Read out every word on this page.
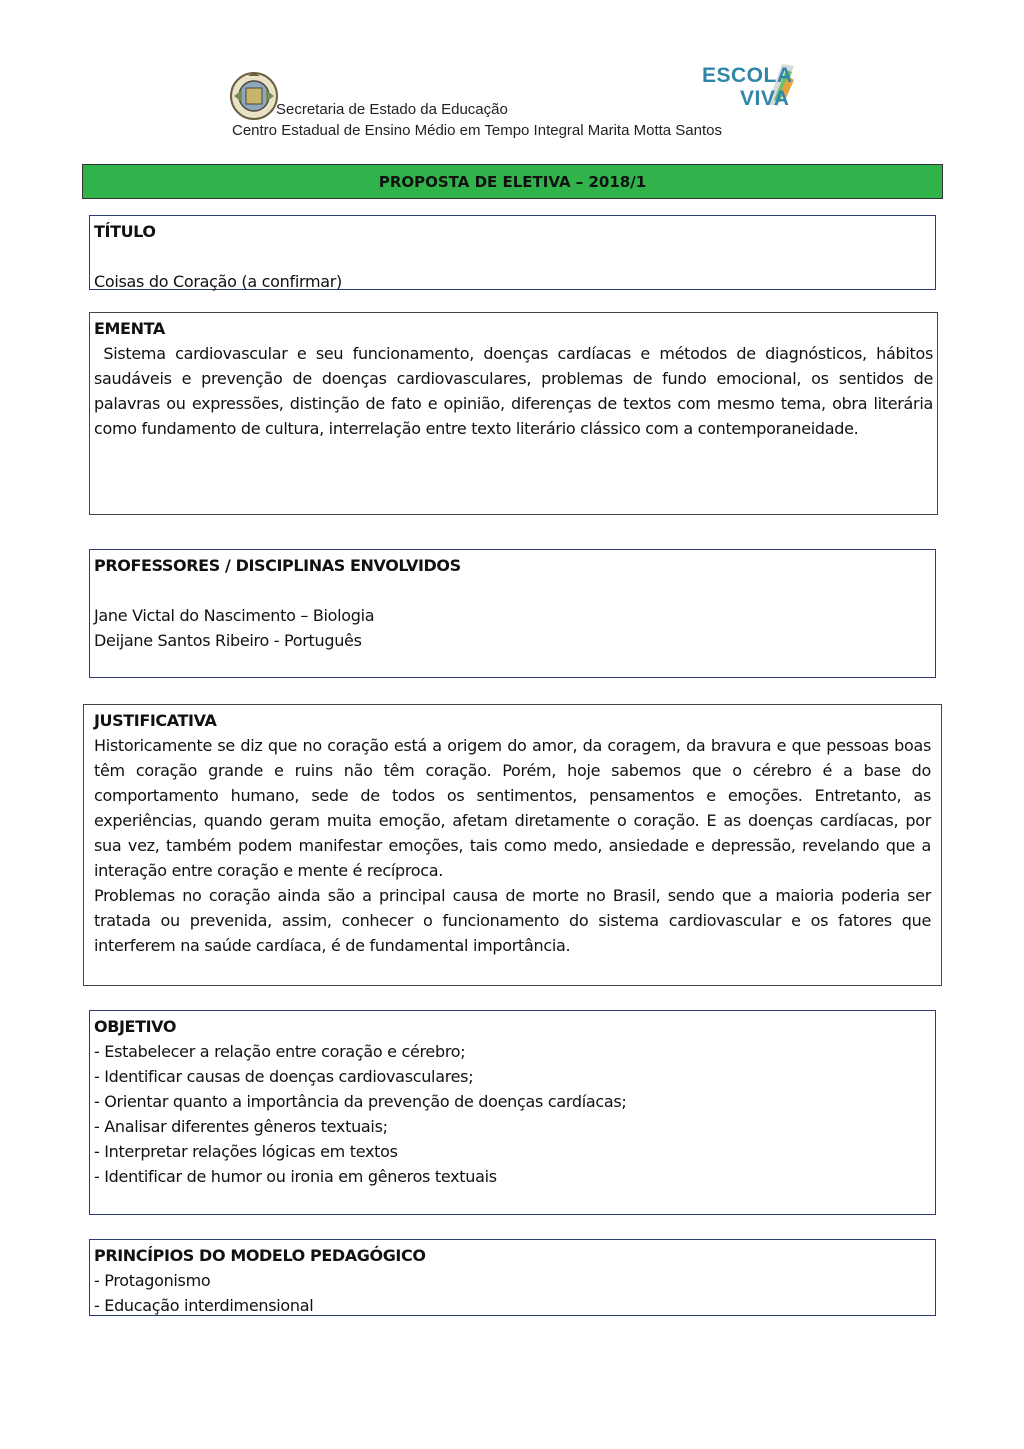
Secretaria de Estado da Educação
Centro Estadual de Ensino Médio em Tempo Integral Marita Motta Santos
ESCOLA
VIVA
PROPOSTA DE ELETIVA – 2018/1
TÍTULO

Coisas do Coração (a confirmar)

EMENTA

Sistema cardiovascular e seu funcionamento, doenças cardíacas e métodos de diagnósticos, hábitos saudáveis e prevenção de doenças cardiovasculares, problemas de fundo emocional, os sentidos de palavras ou expressões, distinção de fato e opinião, diferenças de textos com mesmo tema, obra literária como fundamento de cultura, interrelação entre texto literário clássico com a contemporaneidade.

PROFESSORES / DISCIPLINAS ENVOLVIDOS
Jane Victal do Nascimento – Biologia
Deijane Santos Ribeiro - Português
JUSTIFICATIVA

Historicamente se diz que no coração está a origem do amor, da coragem, da bravura e que pessoas boas têm coração grande e ruins não têm coração. Porém, hoje sabemos que o cérebro é a base do comportamento humano, sede de todos os sentimentos, pensamentos e emoções. Entretanto, as experiências, quando geram muita emoção, afetam diretamente o coração. E as doenças cardíacas, por sua vez, também podem manifestar emoções, tais como medo, ansiedade e depressão, revelando que a interação entre coração e mente é recíproca.

Problemas no coração ainda são a principal causa de morte no Brasil, sendo que a maioria poderia ser tratada ou prevenida, assim, conhecer o funcionamento do sistema cardiovascular e os fatores que interferem na saúde cardíaca, é de fundamental importância.

OBJETIVO
- Estabelecer a relação entre coração e cérebro;
- Identificar causas de doenças cardiovasculares;
- Orientar quanto a importância da prevenção de doenças cardíacas;
- Analisar diferentes gêneros textuais;
- Interpretar relações lógicas em textos
- Identificar de humor ou ironia em gêneros textuais
PRINCÍPIOS DO MODELO PEDAGÓGICO
- Protagonismo
- Educação interdimensional
